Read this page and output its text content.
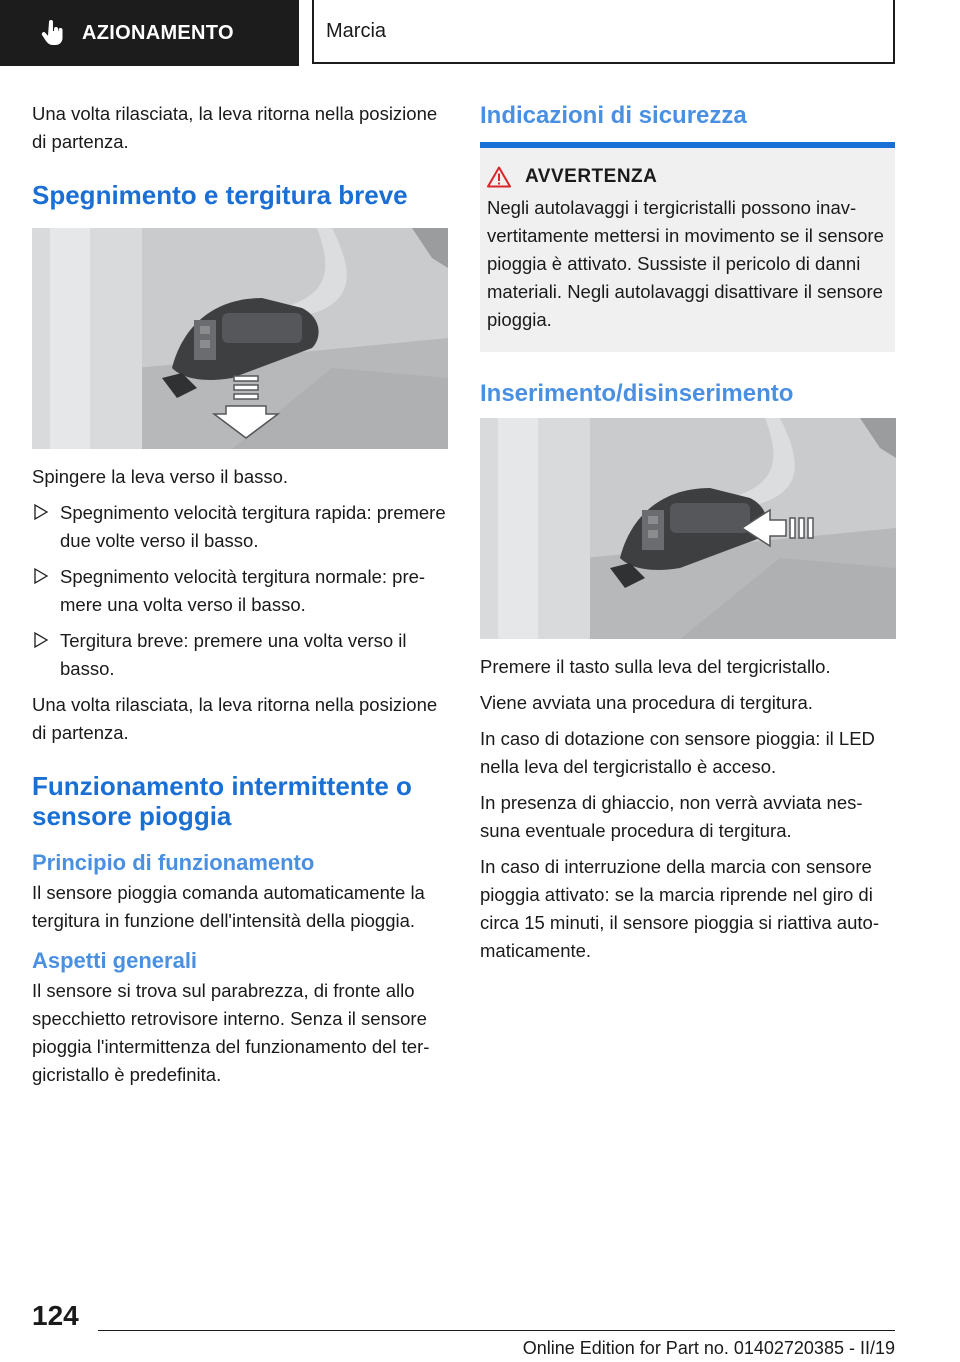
AZIONAMENTO	Marcia

Una volta rilasciata, la leva ritorna nella posizione di partenza.

Spegnimento e tergitura breve

Spingere la leva verso il basso.

Spegnimento velocità tergitura rapida: premere due volte verso il basso.
Spegnimento velocità tergitura normale: premere una volta verso il basso.
Tergitura breve: premere una volta verso il basso.

Una volta rilasciata, la leva ritorna nella posizione di partenza.

Funzionamento intermittente o sensore pioggia
Principio di funzionamento

Il sensore pioggia comanda automaticamente la tergitura in funzione dell'intensità della pioggia.

Aspetti generali

Il sensore si trova sul parabrezza, di fronte allo specchietto retrovisore interno. Senza il sensore pioggia l'intermittenza del funzionamento del tergicristallo è predefinita.

Indicazioni di sicurezza
AVVERTENZA

Negli autolavaggi i tergicristalli possono inavvertitamente mettersi in movimento se il sensore pioggia è attivato. Sussiste il pericolo di danni materiali. Negli autolavaggi disattivare il sensore pioggia.

Inserimento/disinserimento

Premere il tasto sulla leva del tergicristallo.

Viene avviata una procedura di tergitura.

In caso di dotazione con sensore pioggia: il LED nella leva del tergicristallo è acceso.

In presenza di ghiaccio, non verrà avviata nessuna eventuale procedura di tergitura.

In caso di interruzione della marcia con sensore pioggia attivato: se la marcia riprende nel giro di circa 15 minuti, il sensore pioggia si riattiva automaticamente.

124
Online Edition for Part no. 01402720385 - II/19
